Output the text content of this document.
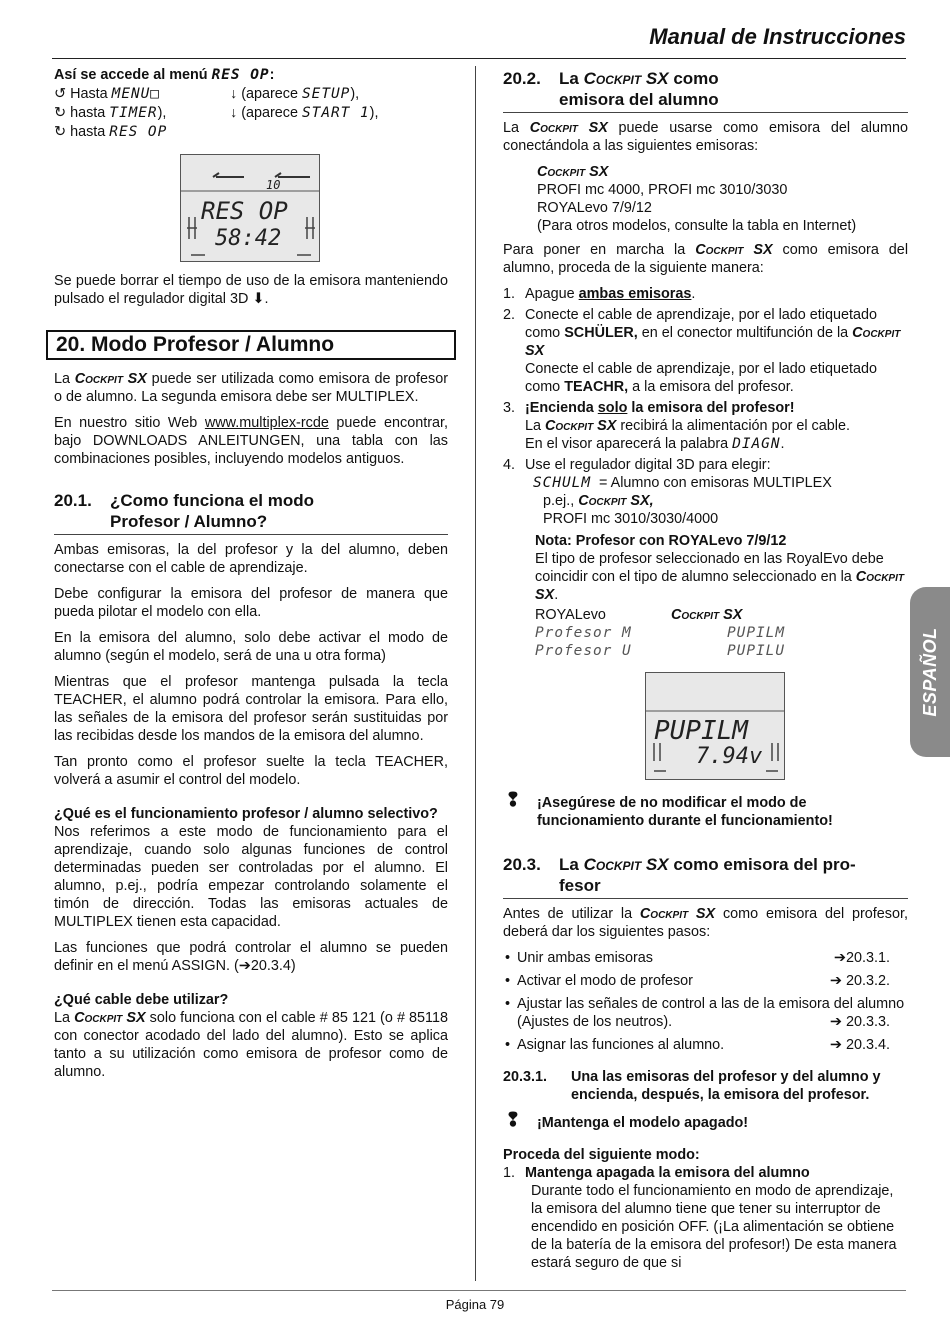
Manual de Instrucciones
Así se accede al menú RES OP:
↺ Hasta MENU□	↓ (aparece SETUP),
↻ hasta TIMER),	↓ (aparece START 1),
↻ hasta RES OP
10
RES OP
58:42

Se puede borrar el tiempo de uso de la emisora manteniendo pulsado el regulador digital 3D ⬇.

20. Modo Profesor / Alumno

La Cockpit SX puede ser utilizada como emisora de profesor o de alumno. La segunda emisora debe ser MULTIPLEX.

En nuestro sitio Web www.multiplex-rcde puede encontrar, bajo DOWNLOADS ANLEITUNGEN, una tabla con las combinaciones posibles, incluyendo modelos antiguos.

20.1. ¿Como funciona el modo
Profesor / Alumno?

Ambas emisoras, la del profesor y la del alumno, deben conectarse con el cable de aprendizaje.

Debe configurar la emisora del profesor de manera que pueda pilotar el modelo con ella.

En la emisora del alumno, solo debe activar el modo de alumno (según el modelo, será de una u otra forma)

Mientras que el profesor mantenga pulsada la tecla TEACHER, el alumno podrá controlar la emisora. Para ello, las señales de la emisora del profesor serán sustituidas por las recibidas desde los mandos de la emisora del alumno.

Tan pronto como el profesor suelte la tecla TEACHER, volverá a asumir el control del modelo.

¿Qué es el funcionamiento profesor / alumno selectivo?

Nos referimos a este modo de funcionamiento para el aprendizaje, cuando solo algunas funciones de control determinadas pueden ser controladas por el alumno. El alumno, p.ej., podría empezar controlando solamente el timón de dirección. Todas las emisoras actuales de MULTIPLEX tienen esta capacidad.

Las funciones que podrá controlar el alumno se pueden definir en el menú ASSIGN. (➔20.3.4)

¿Qué cable debe utilizar?

La Cockpit SX solo funciona con el cable # 85 121 (o # 85118 con conector acodado del lado del alumno). Esto se aplica tanto a su utilización como emisora de profesor como de alumno.

20.2. La Cockpit SX como
emisora del alumno

La Cockpit SX puede usarse como emisora del alumno conectándola a las siguientes emisoras:

Cockpit SX
PROFI mc 4000, PROFI mc 3010/3030
ROYALevo 7/9/12
(Para otros modelos, consulte la tabla en Internet)

Para poner en marcha la Cockpit SX como emisora del alumno, proceda de la siguiente manera:

1. Apague ambas emisoras.
2. Conecte el cable de aprendizaje, por el lado etiquetado como SCHÜLER, en el conector multifunción de la Cockpit SX
Conecte el cable de aprendizaje, por el lado etiquetado como TEACHR, a la emisora del profesor.
3. ¡Encienda solo la emisora del profesor!
La Cockpit SX recibirá la alimentación por el cable.
En el visor aparecerá la palabra DIAGN.
4. Use el regulador digital 3D para elegir:
SCHULM = Alumno con emisoras MULTIPLEX
p.ej., Cockpit SX,
PROFI mc 3010/3030/4000
Nota: Profesor con ROYALevo 7/9/12
El tipo de profesor seleccionado en las RoyalEvo debe coincidir con el tipo de alumno seleccionado en la Cockpit SX.
ROYALevo	Cockpit SX
Profesor M	PUPILM
Profesor U	PUPILU
PUPILM
7.94v
❢ ¡Asegúrese de no modificar el modo de funcionamiento durante el funcionamiento!
20.3. La Cockpit SX como emisora del pro-
fesor

Antes de utilizar la Cockpit SX como emisora del profesor, deberá dar los siguientes pasos:

• Unir ambas emisoras	➔20.3.1.
• Activar el modo de profesor	➔ 20.3.2.
• Ajustar las señales de control a las de la emisora del alumno (Ajustes de los neutros).	➔ 20.3.3.
• Asignar las funciones al alumno.	➔ 20.3.4.
20.3.1. Una las emisoras del profesor y del alumno y encienda, después, la emisora del profesor.
❢ ¡Mantenga el modelo apagado!
Proceda del siguiente modo:
1. Mantenga apagada la emisora del alumno

Durante todo el funcionamiento en modo de aprendizaje, la emisora del alumno tiene que tener su interruptor de encendido en posición OFF. (¡La alimentación se obtiene de la batería de la emisora del profesor!) De esta manera estará seguro de que si
ESPAÑOL
Página 79
